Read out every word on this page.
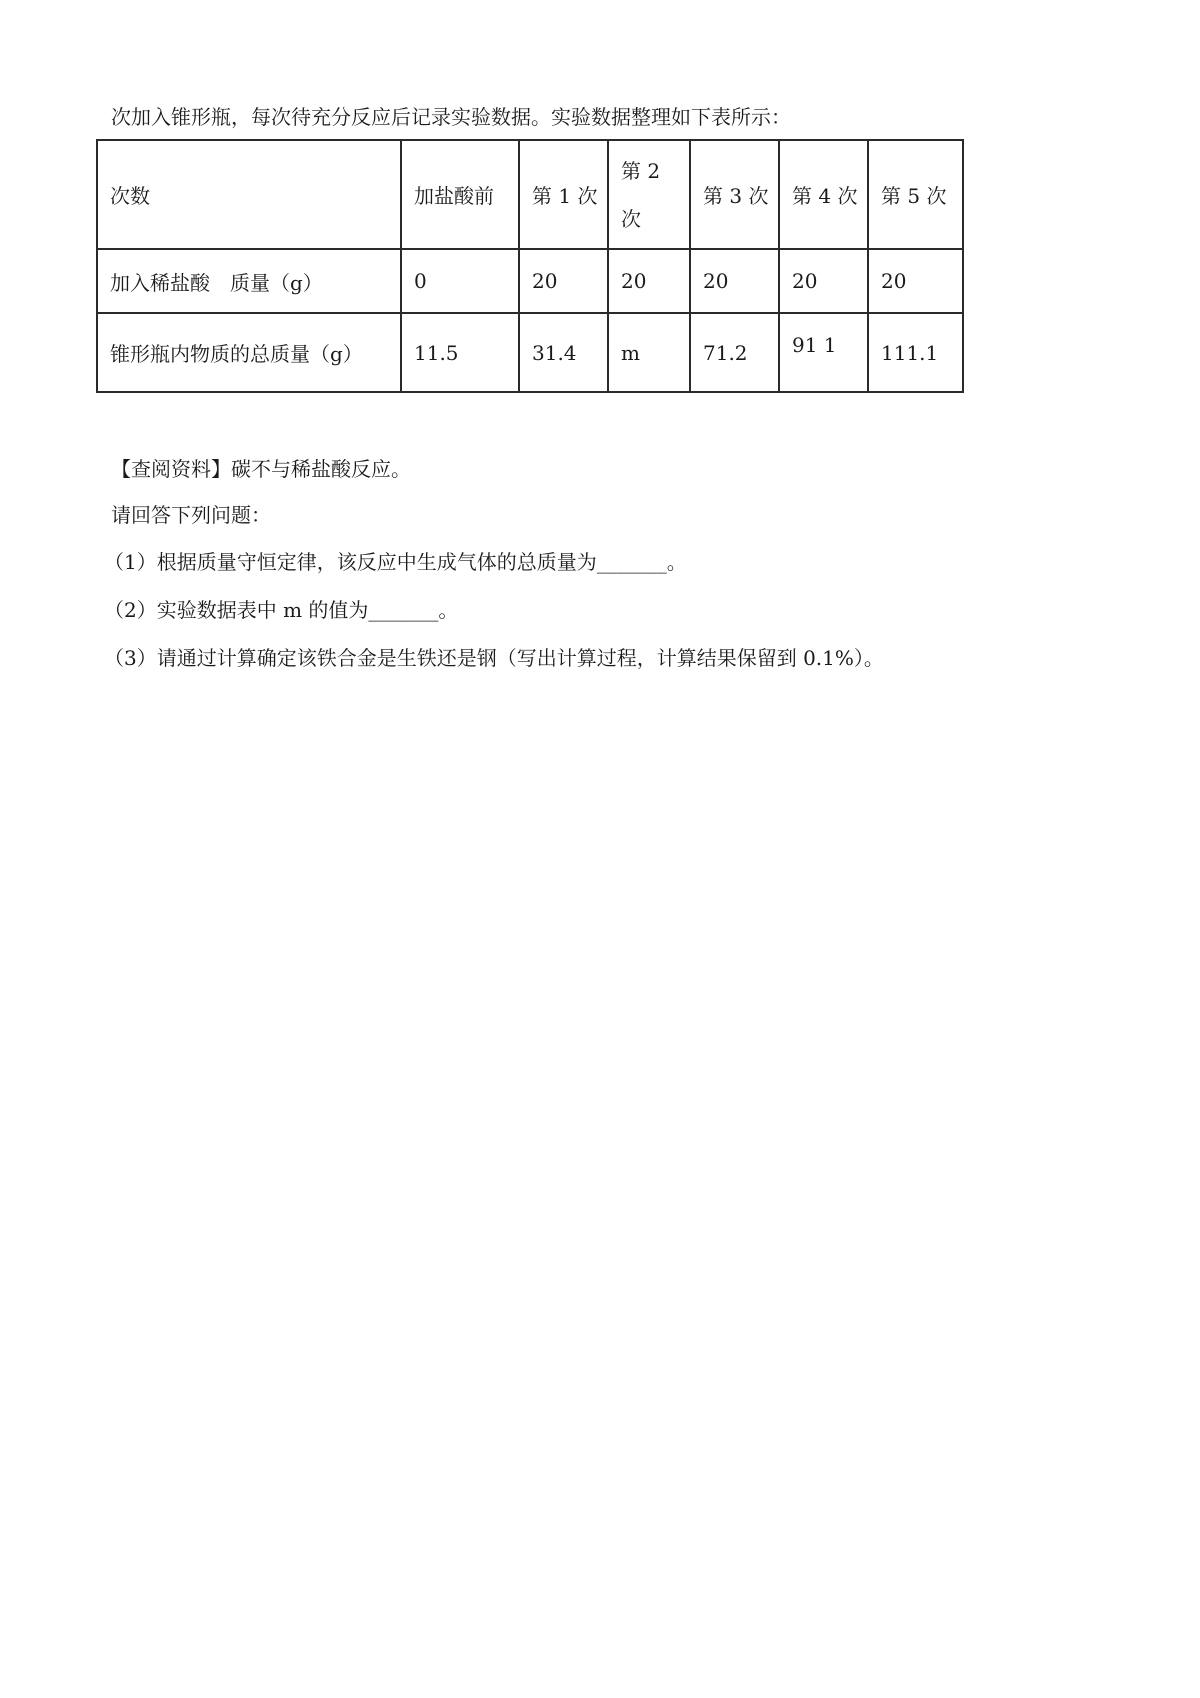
次加入锥形瓶，每次待充分反应后记录实验数据。实验数据整理如下表所示：
次数	加盐酸前	第 1 次	第 2 次	第 3 次	第 4 次	第 5 次
加入稀盐酸　质量（g）	0	20	20	20	20	20
锥形瓶内物质的总质量（g）	11.5	31.4	m	71.2	91 1	111.1
【查阅资料】碳不与稀盐酸反应。
请回答下列问题：
（1）根据质量守恒定律，该反应中生成气体的总质量为_______。
（2）实验数据表中 m 的值为_______。
（3）请通过计算确定该铁合金是生铁还是钢（写出计算过程，计算结果保留到 0.1%）。
